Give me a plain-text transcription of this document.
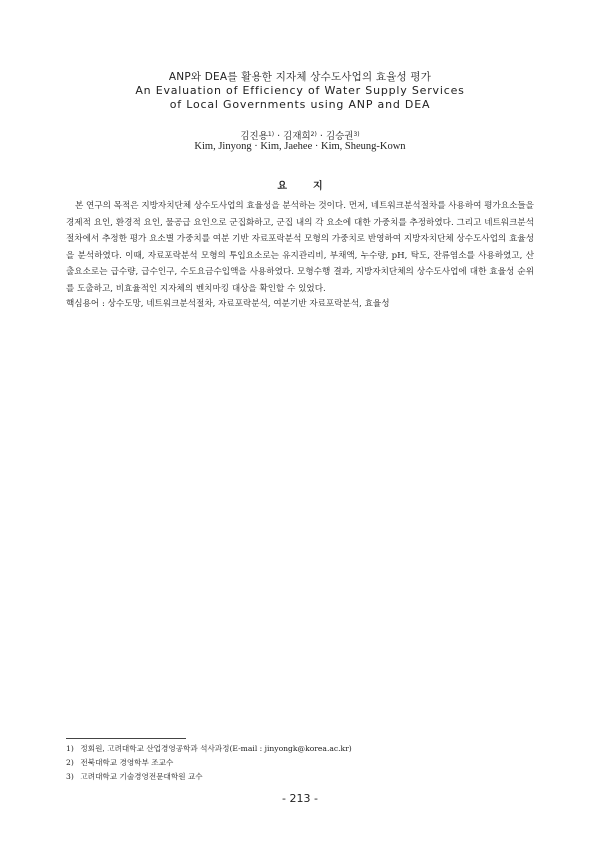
ANP와 DEA를 활용한 지자체 상수도사업의 효율성 평가
An Evaluation of Efficiency of Water Supply Services
of Local Governments using ANP and DEA
김진용$^{1)}$ · 김재희$^{2)}$ · 김승권$^{3)}$
Kim, Jinyong · Kim, Jaehee · Kim, Sheung-Kown
요지

본 연구의 목적은 지방자치단체 상수도사업의 효율성을 분석하는 것이다. 먼저, 네트워크분석절차를 사용하여 평가요소들을 경제적 요인, 환경적 요인, 물공급 요인으로 군집화하고, 군집 내의 각 요소에 대한 가중치를 추정하였다. 그리고 네트워크분석절차에서 추정한 평가 요소별 가중치를 여분 기반 자료포락분석 모형의 가중치로 반영하여 지방자치단체 상수도사업의 효율성을 분석하였다. 이때, 자료포락분석 모형의 투입요소로는 유지관리비, 부채액, 누수량, pH, 탁도, 잔류염소를 사용하였고, 산출요소로는 급수량, 급수인구, 수도요금수입액을 사용하였다. 모형수행 결과, 지방자치단체의 상수도사업에 대한 효율성 순위를 도출하고, 비효율적인 지자체의 벤치마킹 대상을 확인할 수 있었다.

핵심용어 : 상수도망, 네트워크분석절차, 자료포락분석, 여분기반 자료포락분석, 효율성

1) 정회원, 고려대학교 산업경영공학과 석사과정(E-mail : jinyongk@korea.ac.kr)
2) 전북대학교 경영학부 조교수
3) 고려대학교 기술경영전문대학원 교수
- 213 -
